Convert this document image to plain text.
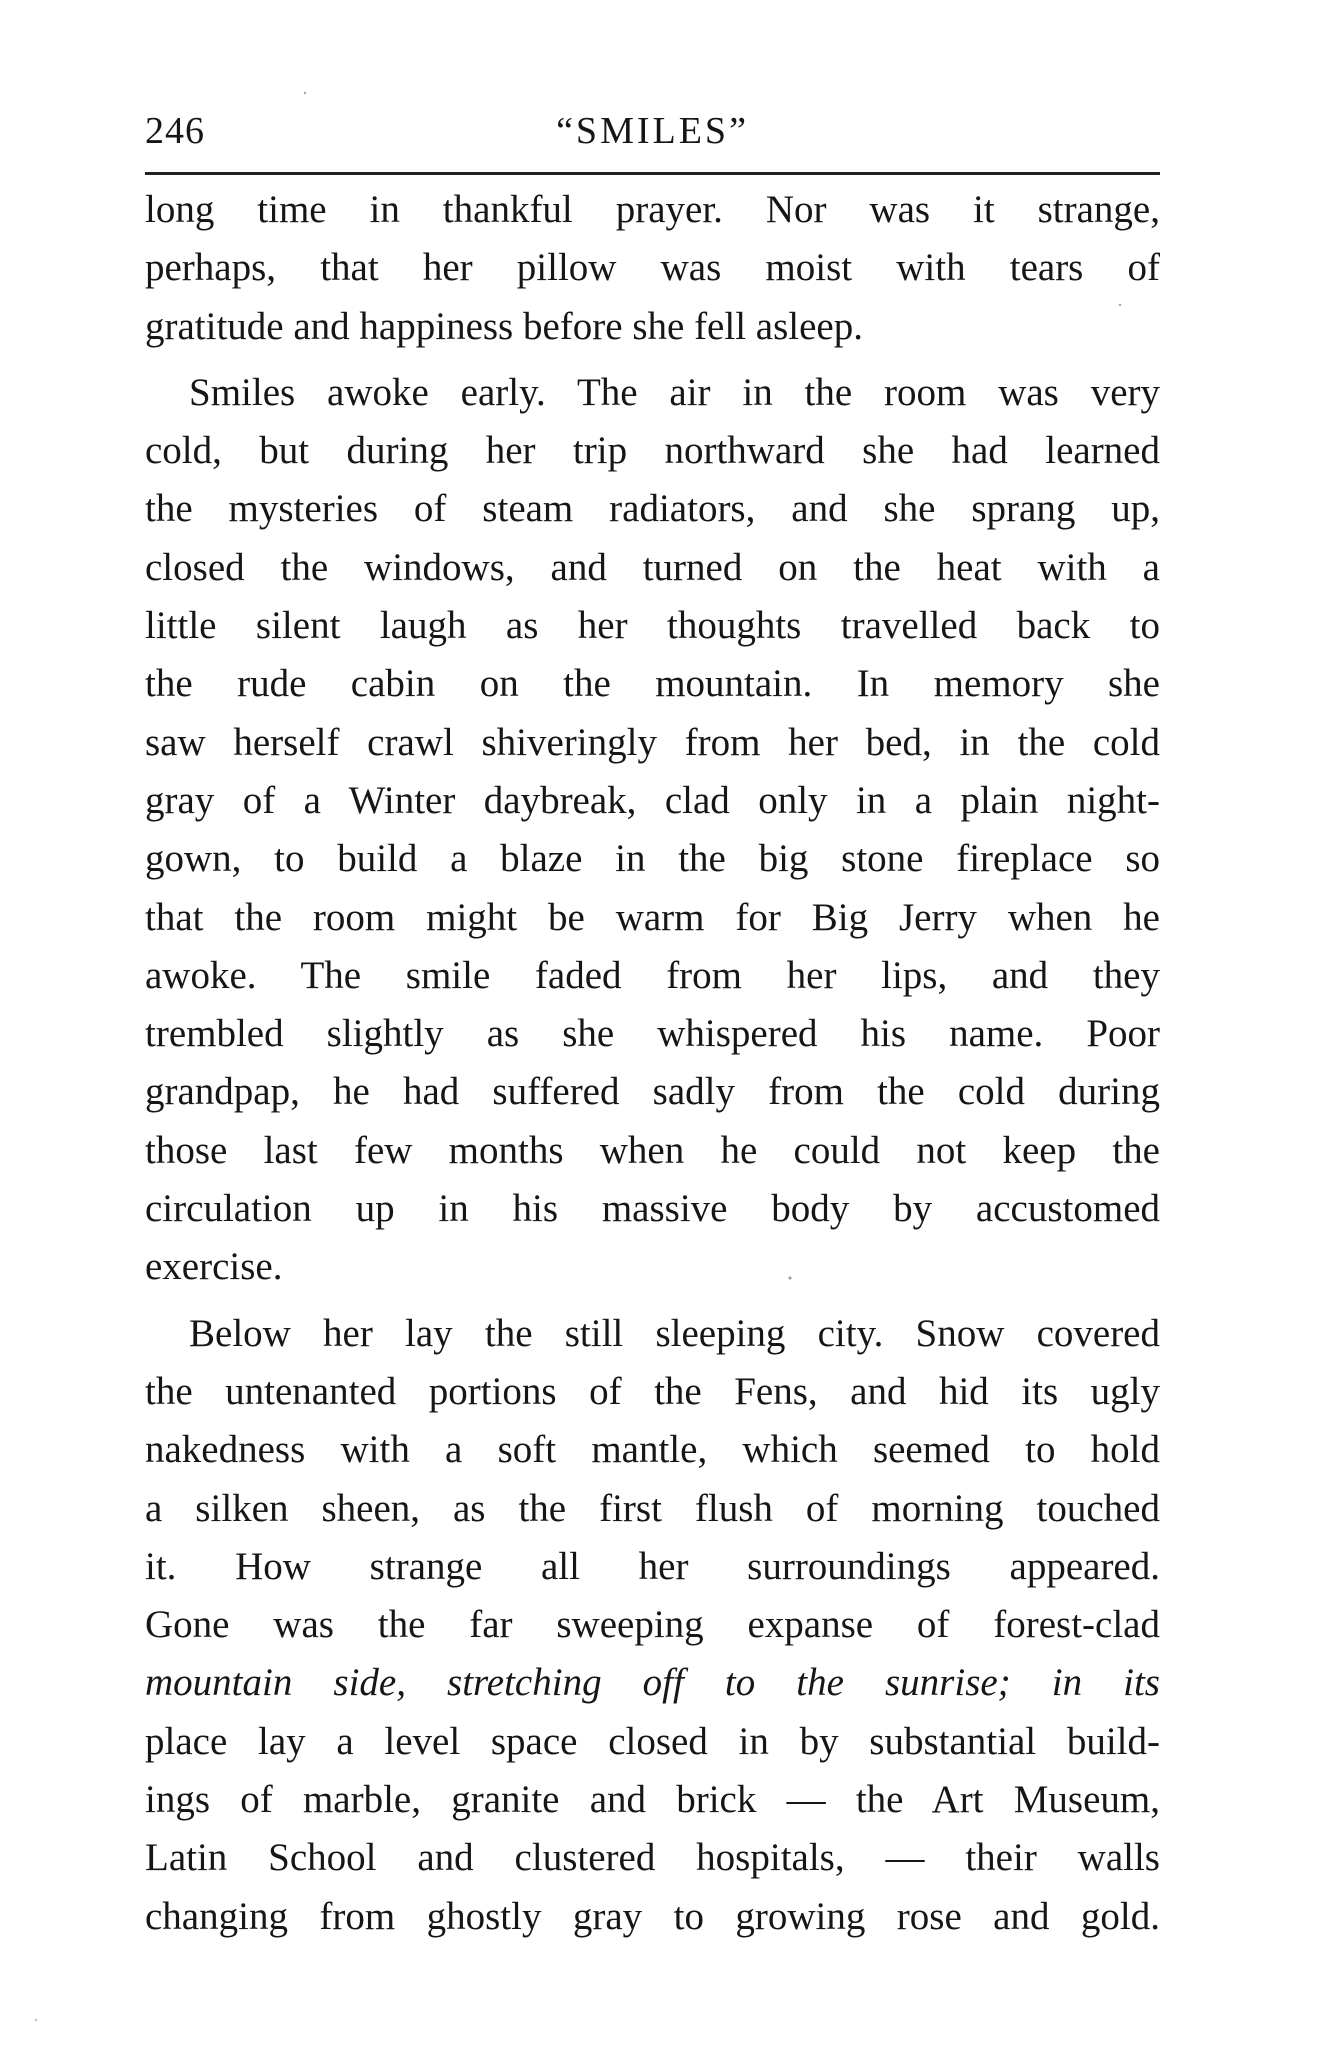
246	“SMILES”

long time in thankful prayer. Nor was it strange,
perhaps, that her pillow was moist with tears of
gratitude and happiness before she fell asleep.

Smiles awoke early. The air in the room was very
cold, but during her trip northward she had learned
the mysteries of steam radiators, and she sprang up,
closed the windows, and turned on the heat with a
little silent laugh as her thoughts travelled back to
the rude cabin on the mountain. In memory she
saw herself crawl shiveringly from her bed, in the cold
gray of a Winter daybreak, clad only in a plain night-
gown, to build a blaze in the big stone fireplace so
that the room might be warm for Big Jerry when he
awoke. The smile faded from her lips, and they
trembled slightly as she whispered his name. Poor
grandpap, he had suffered sadly from the cold during
those last few months when he could not keep the
circulation up in his massive body by accustomed
exercise.

Below her lay the still sleeping city. Snow covered
the untenanted portions of the Fens, and hid its ugly
nakedness with a soft mantle, which seemed to hold
a silken sheen, as the first flush of morning touched
it. How strange all her surroundings appeared.
Gone was the far sweeping expanse of forest-clad
mountain side, stretching off to the sunrise; in its
place lay a level space closed in by substantial build-
ings of marble, granite and brick — the Art Museum,
Latin School and clustered hospitals, — their walls
changing from ghostly gray to growing rose and gold.
